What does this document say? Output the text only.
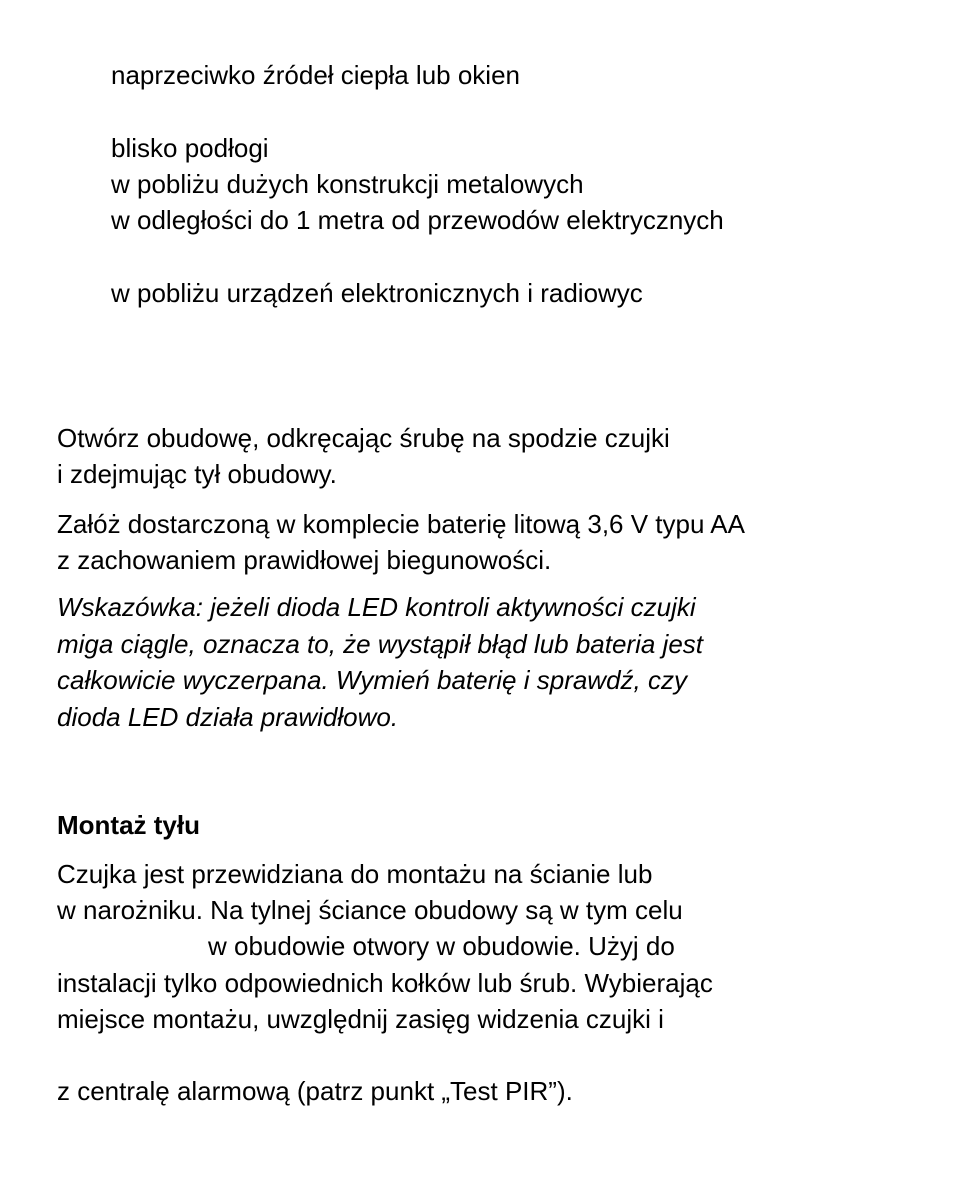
naprzeciwko źródeł ciepła lub okien
blisko podłogi
w pobliżu dużych konstrukcji metalowych
w odległości do 1 metra od przewodów elektrycznych
w pobliżu urządzeń elektronicznych i radiowyc
Otwórz obudowę, odkręcając śrubę na spodzie czujki
i zdejmując tył obudowy.
Załóż dostarczoną w komplecie baterię litową 3,6 V typu AA
z zachowaniem prawidłowej biegunowości.
Wskazówka: jeżeli dioda LED kontroli aktywności czujki
miga ciągle, oznacza to, że wystąpił błąd lub bateria jest
całkowicie wyczerpana. Wymień baterię i sprawdź, czy
dioda LED działa prawidłowo.
Montaż tyłu
Czujka jest przewidziana do montażu na ścianie lub
w narożniku. Na tylnej ściance obudowy są w tym celu
w obudowie otwory w obudowie. Użyj do
instalacji tylko odpowiednich kołków lub śrub. Wybierając
miejsce montażu, uwzględnij zasięg widzenia czujki i
z centralę alarmową (patrz punkt „Test PIR”).
